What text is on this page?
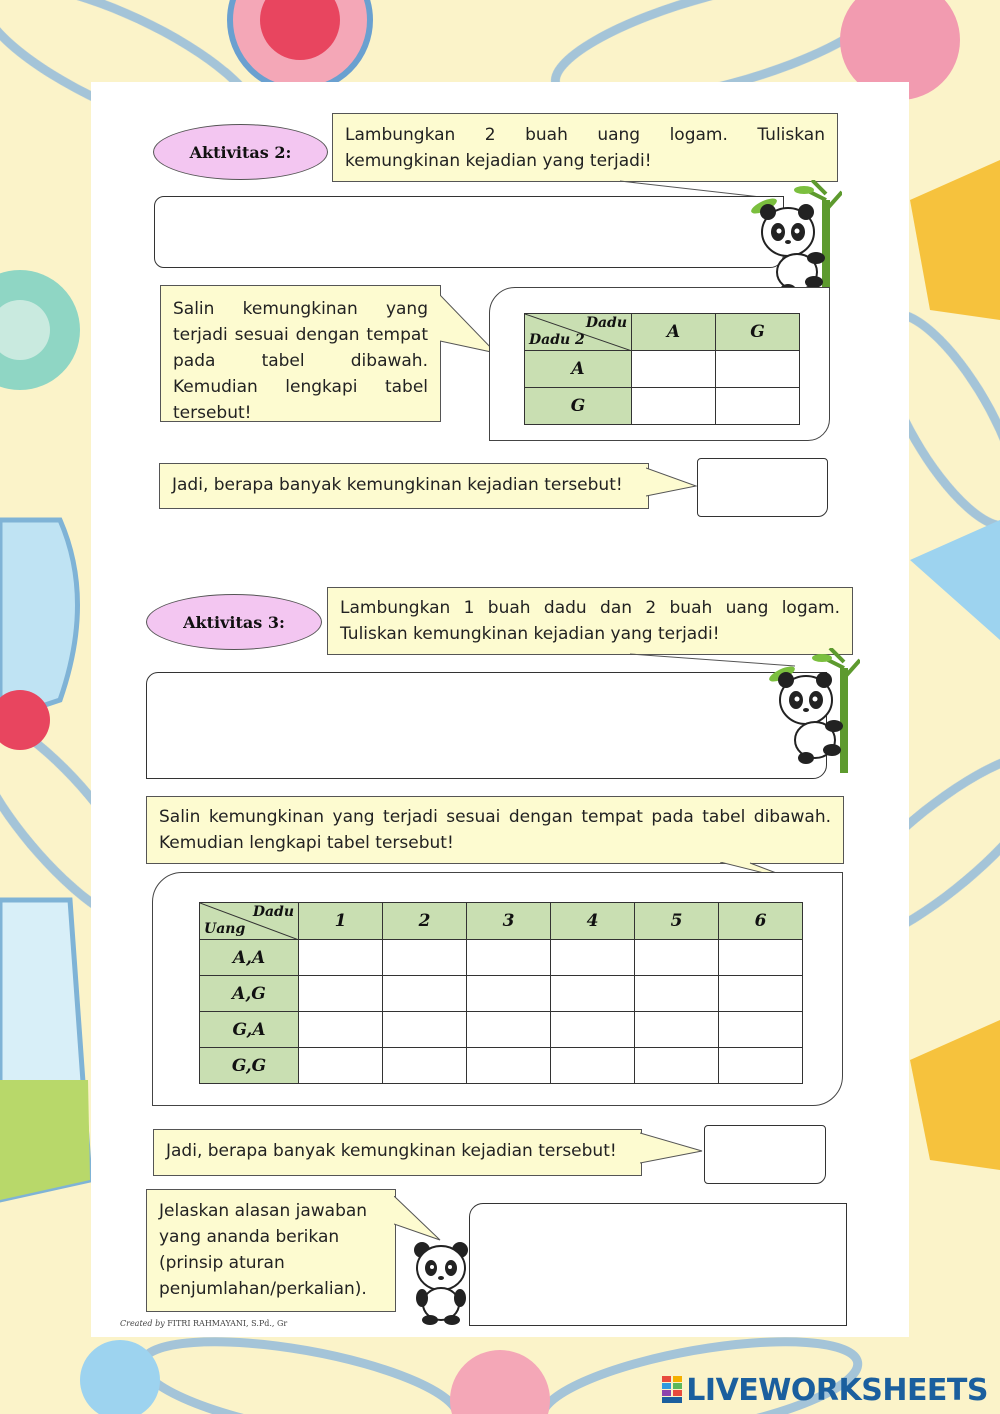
Aktivitas 2:
Lambungkan 2 buah uang logam. Tuliskan kemungkinan kejadian yang terjadi!
Salin kemungkinan yang terjadi sesuai dengan tempat pada tabel dibawah. Kemudian lengkapi tabel tersebut!
Dadu
Dadu 2	A	G
A		
G		
Jadi, berapa banyak kemungkinan kejadian tersebut!
Aktivitas 3:
Lambungkan 1 buah dadu dan 2 buah uang logam. Tuliskan kemungkinan kejadian yang terjadi!
Salin kemungkinan yang terjadi sesuai dengan tempat pada tabel dibawah. Kemudian lengkapi tabel tersebut!
Dadu
Uang	1	2	3	4	5	6
A,A						
A,G						
G,A						
G,G						
Jadi, berapa banyak kemungkinan kejadian tersebut!
Jelaskan alasan jawaban yang ananda berikan (prinsip aturan penjumlahan/perkalian).
Created by FITRI RAHMAYANI, S.Pd., Gr
LIVEWORKSHEETS
